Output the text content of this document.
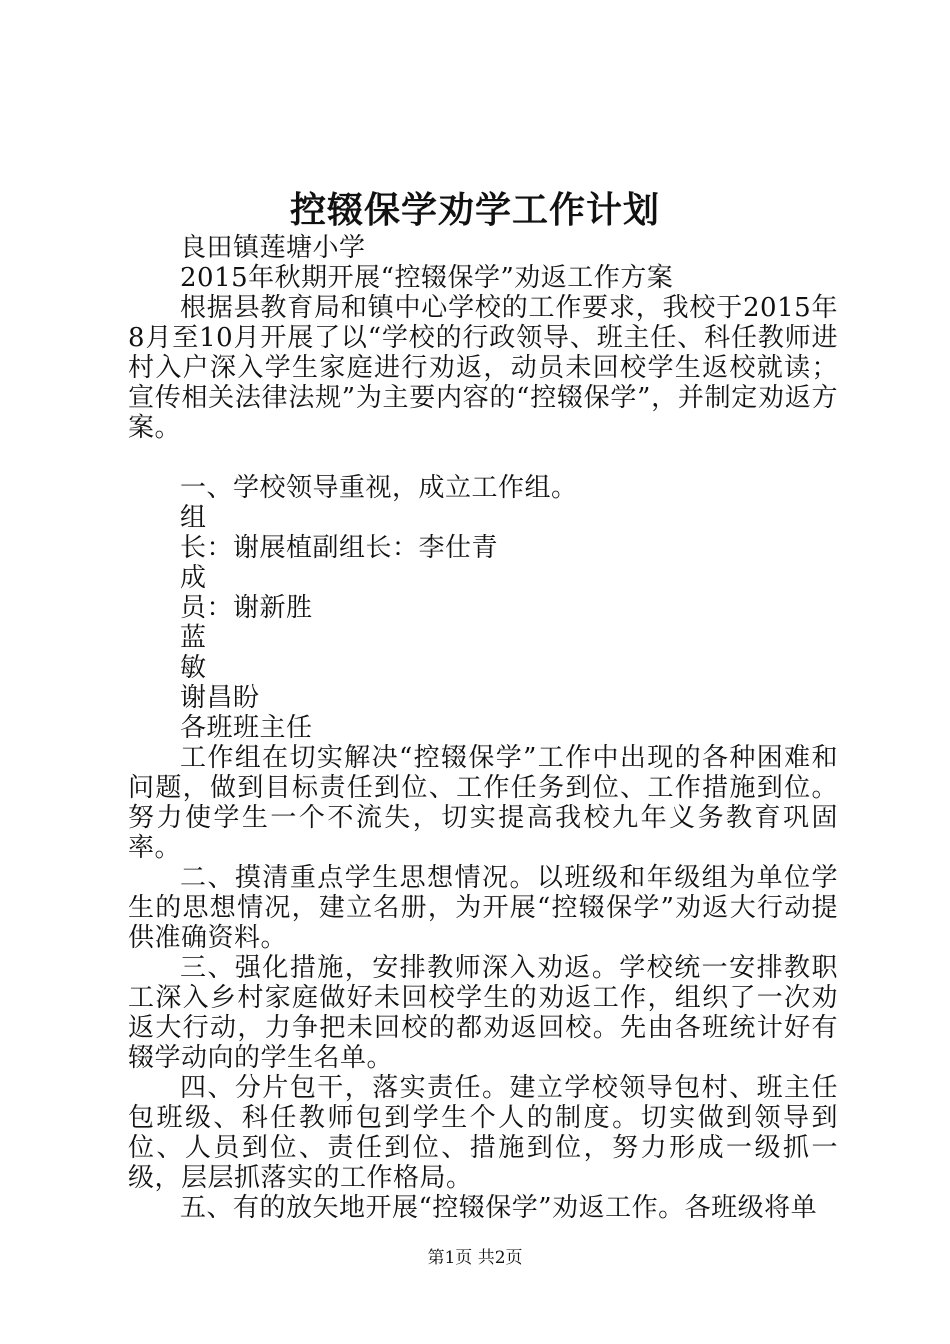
控辍保学劝学工作计划
良田镇莲塘小学
2015年秋期开展“控辍保学”劝返工作方案
根据县教育局和镇中心学校的工作要求，我校于2015年8月至10月开展了以“学校的行政领导、班主任、科任教师进村入户深入学生家庭进行劝返，动员未回校学生返校就读；宣传相关法律法规”为主要内容的“控辍保学”，并制定劝返方案。
一、学校领导重视，成立工作组。
组
长：谢展植副组长：李仕青
成
员：谢新胜
蓝
敏
谢昌盼
各班班主任
工作组在切实解决“控辍保学”工作中出现的各种困难和问题，做到目标责任到位、工作任务到位、工作措施到位。努力使学生一个不流失，切实提高我校九年义务教育巩固率。
二、摸清重点学生思想情况。以班级和年级组为单位学生的思想情况，建立名册，为开展“控辍保学”劝返大行动提供准确资料。
三、强化措施，安排教师深入劝返。学校统一安排教职工深入乡村家庭做好未回校学生的劝返工作，组织了一次劝返大行动，力争把未回校的都劝返回校。先由各班统计好有辍学动向的学生名单。
四、分片包干，落实责任。建立学校领导包村、班主任包班级、科任教师包到学生个人的制度。切实做到领导到位、人员到位、责任到位、措施到位，努力形成一级抓一级，层层抓落实的工作格局。
五、有的放矢地开展“控辍保学”劝返工作。各班级将单
第1页 共2页
